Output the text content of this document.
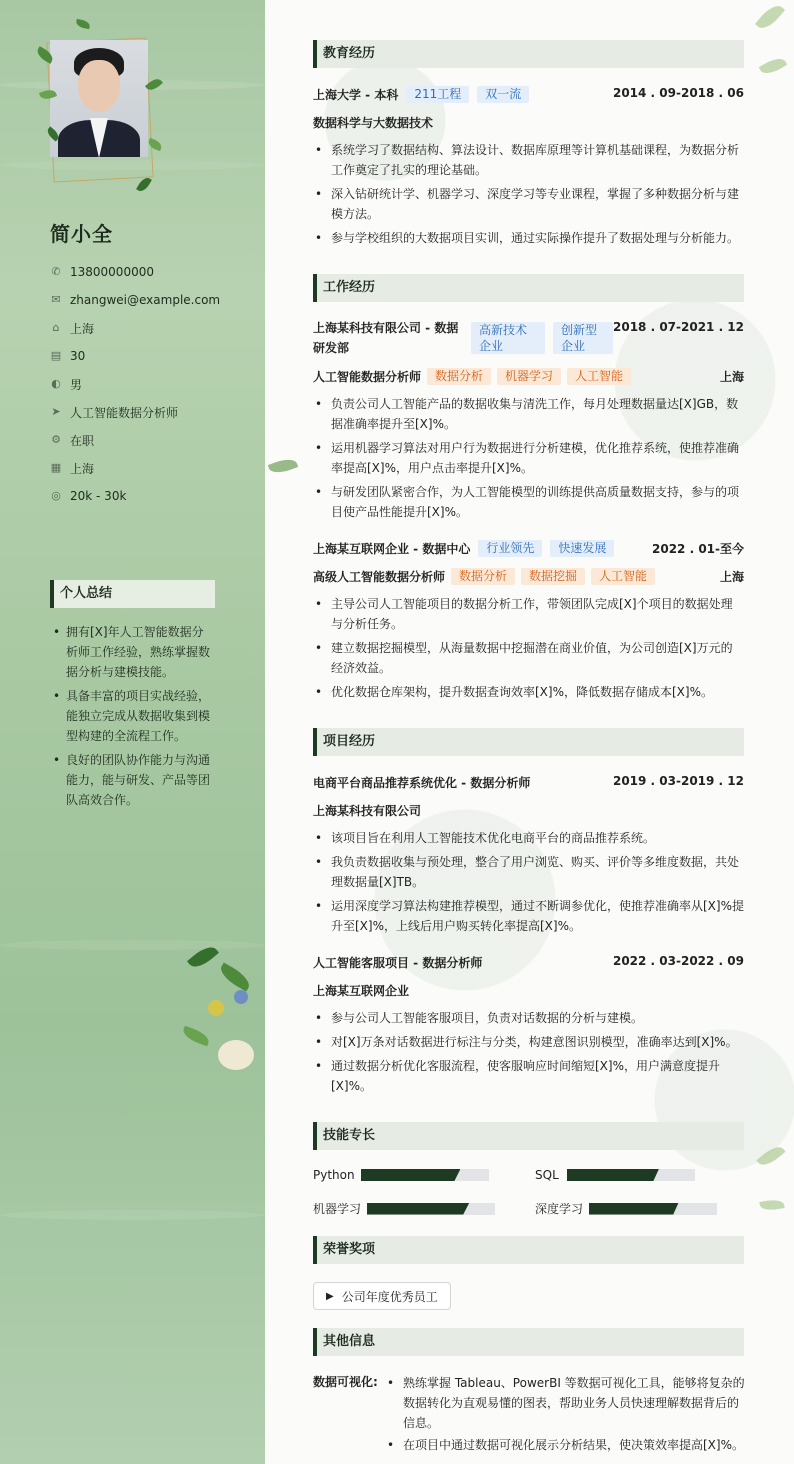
简小全
✆ 13800000000
✉ zhangwei@example.com
⌂ 上海
▤ 30
◐ 男
➤ 人工智能数据分析师
⚙ 在职
▦ 上海
◎ 20k - 30k
个人总结
• 拥有[X]年人工智能数据分析师工作经验，熟练掌握数据分析与建模技能。
• 具备丰富的项目实战经验，能独立完成从数据收集到模型构建的全流程工作。
• 良好的团队协作能力与沟通能力，能与研发、产品等团队高效合作。
教育经历
上海大学 - 本科	211工程	双一流	2014 . 09-2018 . 06
数据科学与大数据技术
• 系统学习了数据结构、算法设计、数据库原理等计算机基础课程，为数据分析工作奠定了扎实的理论基础。
• 深入钻研统计学、机器学习、深度学习等专业课程，掌握了多种数据分析与建模方法。
• 参与学校组织的大数据项目实训，通过实际操作提升了数据处理与分析能力。
工作经历
上海某科技有限公司 - 数据研发部
高新技术企业
创新型企业
2018 . 07-2021 . 12
人工智能数据分析师	数据分析	机器学习	人工智能	上海
• 负责公司人工智能产品的数据收集与清洗工作，每月处理数据量达[X]GB，数据准确率提升至[X]%。
• 运用机器学习算法对用户行为数据进行分析建模，优化推荐系统，使推荐准确率提高[X]%，用户点击率提升[X]%。
• 与研发团队紧密合作，为人工智能模型的训练提供高质量数据支持，参与的项目使产品性能提升[X]%。
上海某互联网企业 - 数据中心	行业领先	快速发展	2022 . 01-至今
高级人工智能数据分析师	数据分析	数据挖掘	人工智能	上海
• 主导公司人工智能项目的数据分析工作，带领团队完成[X]个项目的数据处理与分析任务。
• 建立数据挖掘模型，从海量数据中挖掘潜在商业价值，为公司创造[X]万元的经济效益。
• 优化数据仓库架构，提升数据查询效率[X]%，降低数据存储成本[X]%。
项目经历
电商平台商品推荐系统优化 - 数据分析师	2019 . 03-2019 . 12
上海某科技有限公司
• 该项目旨在利用人工智能技术优化电商平台的商品推荐系统。
• 我负责数据收集与预处理，整合了用户浏览、购买、评价等多维度数据，共处理数据量[X]TB。
• 运用深度学习算法构建推荐模型，通过不断调参优化，使推荐准确率从[X]%提升至[X]%，上线后用户购买转化率提高[X]%。
人工智能客服项目 - 数据分析师	2022 . 03-2022 . 09
上海某互联网企业
• 参与公司人工智能客服项目，负责对话数据的分析与建模。
• 对[X]万条对话数据进行标注与分类，构建意图识别模型，准确率达到[X]%。
• 通过数据分析优化客服流程，使客服响应时间缩短[X]%，用户满意度提升[X]%。
技能专长
Python	SQL
机器学习	深度学习
荣誉奖项
▶ 公司年度优秀员工
其他信息
数据可视化:
•	熟练掌握 Tableau、PowerBI 等数据可视化工具，能够将复杂的数据转化为直观易懂的图表，帮助业务人员快速理解数据背后的信息。
• 在项目中通过数据可视化展示分析结果，使决策效率提高[X]%。
